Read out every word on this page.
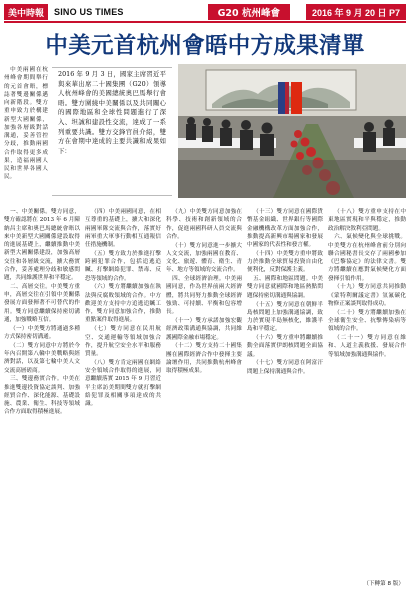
美中時報	SINO US TIMES	G20 杭州峰會	2016 年 9 月 20 日 P7
中美元首杭州會晤中方成果清單

中美兩國在杭州峰會期間舉行的元首會晤，標誌著雙邊關係邁向新階段。雙方重申致力於構建新型大國關係，加強各層級對話溝通，妥善管控分歧，推動兩國合作取得更多成果，造福兩國人民和世界各國人民。

2016 年 9 月 3 日，國家主席習近平與來華出席二十國集團（G20）領導人杭州峰會的美國總統奧巴馬舉行會晤。雙方圍繞中美關係以及共同關心的國際地區和全球性問題進行了深入、坦誠和建設性交流，達成了一系列重要共識。雙方交鋒官員介紹，雙方在會期中達成的主要共識和成果如下：

一、中美關係。雙方同意，雙方確認將在 2013 年 6 月陳納昌主席和奧巴馬總統會晤以來中美新型大國關係建設取得的進展基礎上，繼續推動中美新型大國關係建設，加強高層交往和各層級交流，擴大務實合作，妥善處理分歧和敏感問題，共同維護世界和平穩定。

二、高層交往。中美雙方重申，高層交往在引領中美關係發展方面發揮著不可替代的作用。雙方同意繼續保持密切溝通，加強戰略互信。

（一）中美雙方將通過多種方式保持密切溝通。

（二）雙方同意中方將於今年內召開第八輪中美戰略與經濟對話，以及第七輪中美人文交流高層磋商。

三、雙邊務實合作。中美在推進雙邊投資協定談判、加強經貿合作、深化能源、基礎設施、農業、衛生、科技等領域合作方面取得積極進展。

（四）中美兩國同意，在相互尊重的基礎上，擴大和深化兩國軍隊交流與合作，落實好兩軍重大軍事行動相互通報信任措施機制。

（五）雙方致力於推進打擊跨國犯罪合作，包括追逃追贓、打擊網絡犯罪、禁毒、反恐等領域的合作。

（六）雙方將繼續加強在執法與反腐敗領域的合作。中方歡迎美方支持中方追逃追贓工作，雙方同意加強合作，推動重點案件取得進展。

（七）雙方同意在民用航空、交通運輸等領域加強合作，提升航空安全水平和服務質量。

（八）雙方肯定兩國在網絡安全領域合作取得的進展，同意繼續落實 2015 年 9 月習近平主席訪美期間雙方就打擊網絡犯罪及相關事項達成的共識。

（九）中美雙方同意加強在科學、技術和創新領域的合作，促進兩國科研人員交流與合作。

（十）雙方同意進一步擴大人文交流，加強兩國在教育、文化、旅遊、體育、衛生、青年、地方等領域的交流合作。

四、全球經濟治理。中美兩國同意，作為世界前兩大經濟體，將共同努力推動全球經濟強勁、可持續、平衡和包容增長。

（十一）雙方承諾加強宏觀經濟政策溝通與協調，共同維護國際金融市場穩定。

（十二）雙方支持二十國集團在國際經濟合作中發揮主要論壇作用，共同推動杭州峰會取得積極成果。

（十三）雙方同意在國際貨幣基金組織、世界銀行等國際金融機構改革方面加強合作，推動提高新興市場國家和發展中國家的代表性和發言權。

（十四）中美雙方重申將致力於推動全球貿易投資自由化便利化，反對保護主義。

五、國際和地區問題。中美雙方同意就國際和地區熱點問題保持密切溝通與協調。

（十五）雙方同意在朝鮮半島核問題上加強溝通協調，致力於實現半島無核化，維護半島和平穩定。

（十六）雙方重申將繼續推動全面落實伊朗核問題全面協議。

（十七）雙方同意在阿富汗問題上保持溝通與合作。

（十八）雙方重申支持在中東地區實現和平與穩定，推動政治解決敘利亞問題。

六、氣候變化與全球挑戰。中美雙方在杭州峰會前分別向聯合國秘書長交存了兩國參加《巴黎協定》的法律文書。雙方將繼續在應對氣候變化方面發揮引領作用。

（十九）雙方同意共同推動《蒙特利爾議定書》氫氟碳化物修正案談判取得成功。

（二十）雙方將繼續加強在全球衛生安全、抗擊傳染病等領域的合作。

（二十一）雙方同意在維和、人道主義救援、發展合作等領域加強溝通與協作。

（下轉第 8 版）
